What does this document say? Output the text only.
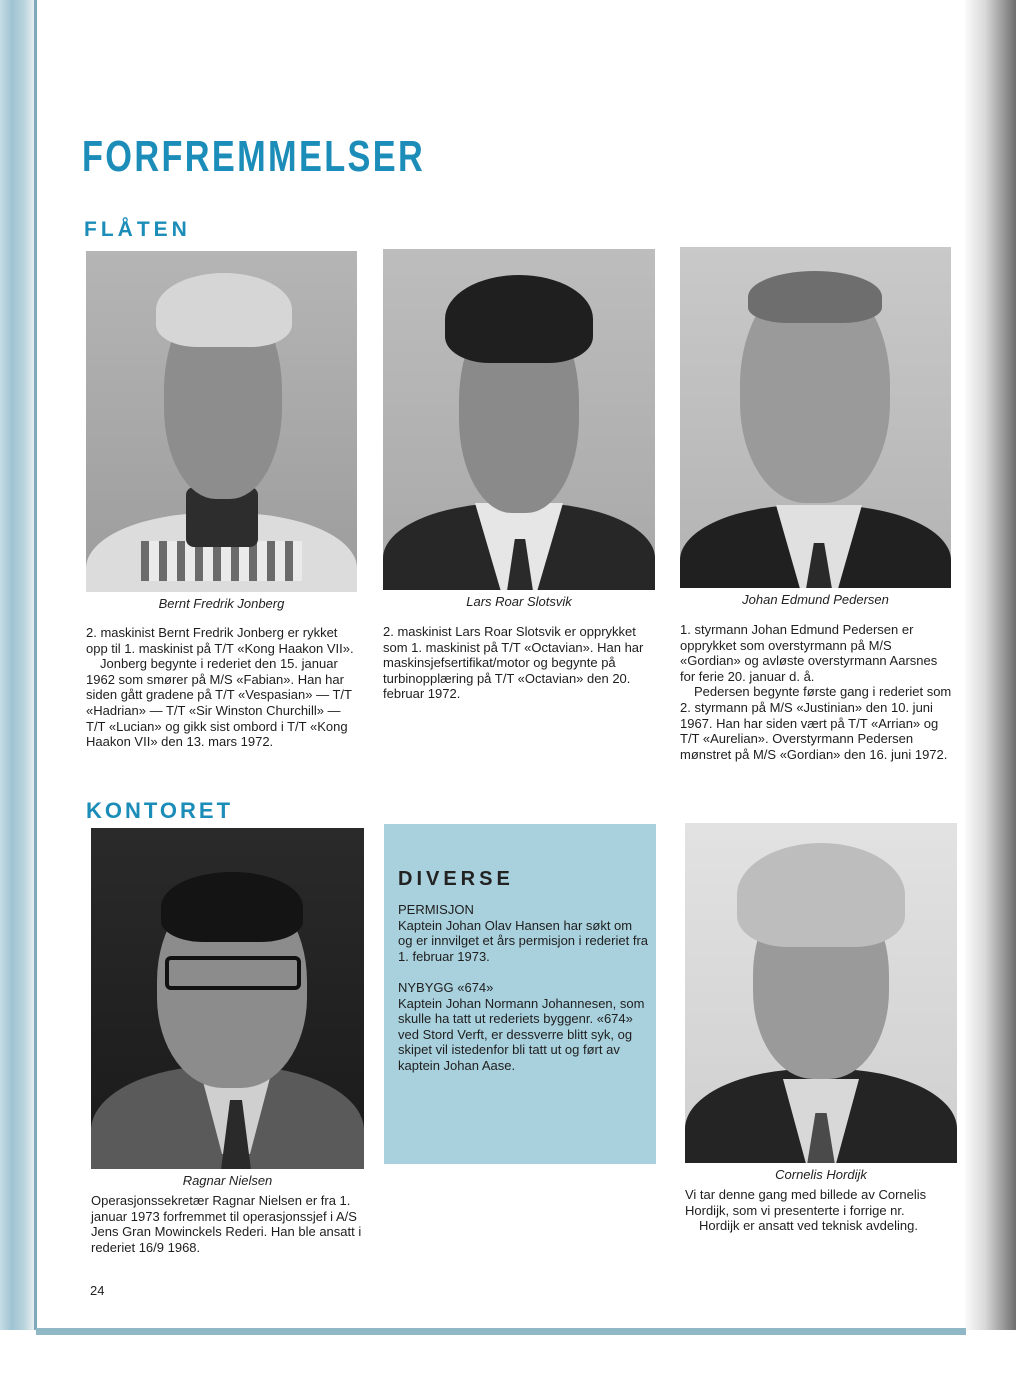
FORFREMMELSER
FLÅTEN
Bernt Fredrik Jonberg

2. maskinist Bernt Fredrik Jonberg er rykket opp til 1. maskinist på T/T «Kong Haakon VII».

Jonberg begynte i rederiet den 15. januar 1962 som smører på M/S «Fabian». Han har siden gått gradene på T/T «Vespasian» — T/T «Hadrian» — T/T «Sir Winston Churchill» — T/T «Lucian» og gikk sist ombord i T/T «Kong Haakon VII» den 13. mars 1972.

Lars Roar Slotsvik

2. maskinist Lars Roar Slotsvik er opprykket som 1. maskinist på T/T «Octavian». Han har maskinsjefsertifikat/motor og begynte på turbinopplæring på T/T «Octavian» den 20. februar 1972.

Johan Edmund Pedersen

1. styrmann Johan Edmund Pedersen er opprykket som overstyrmann på M/S «Gordian» og avløste overstyrmann Aarsnes for ferie 20. januar d. å.

Pedersen begynte første gang i rederiet som 2. styrmann på M/S «Justinian» den 10. juni 1967. Han har siden vært på T/T «Arrian» og T/T «Aurelian». Overstyrmann Pedersen mønstret på M/S «Gordian» den 16. juni 1972.

KONTORET
Ragnar Nielsen

Operasjonssekretær Ragnar Nielsen er fra 1. januar 1973 forfremmet til operasjonssjef i A/S Jens Gran Mowinckels Rederi. Han ble ansatt i rederiet 16/9 1968.

DIVERSE

PERMISJON

Kaptein Johan Olav Hansen har søkt om og er innvilget et års permisjon i rederiet fra 1. februar 1973.

NYBYGG «674»

Kaptein Johan Normann Johannesen, som skulle ha tatt ut rederiets byggenr. «674» ved Stord Verft, er dessverre blitt syk, og skipet vil istedenfor bli tatt ut og ført av kaptein Johan Aase.

Cornelis Hordijk

Vi tar denne gang med billede av Cornelis Hordijk, som vi presenterte i forrige nr.

Hordijk er ansatt ved teknisk avdeling.

24
